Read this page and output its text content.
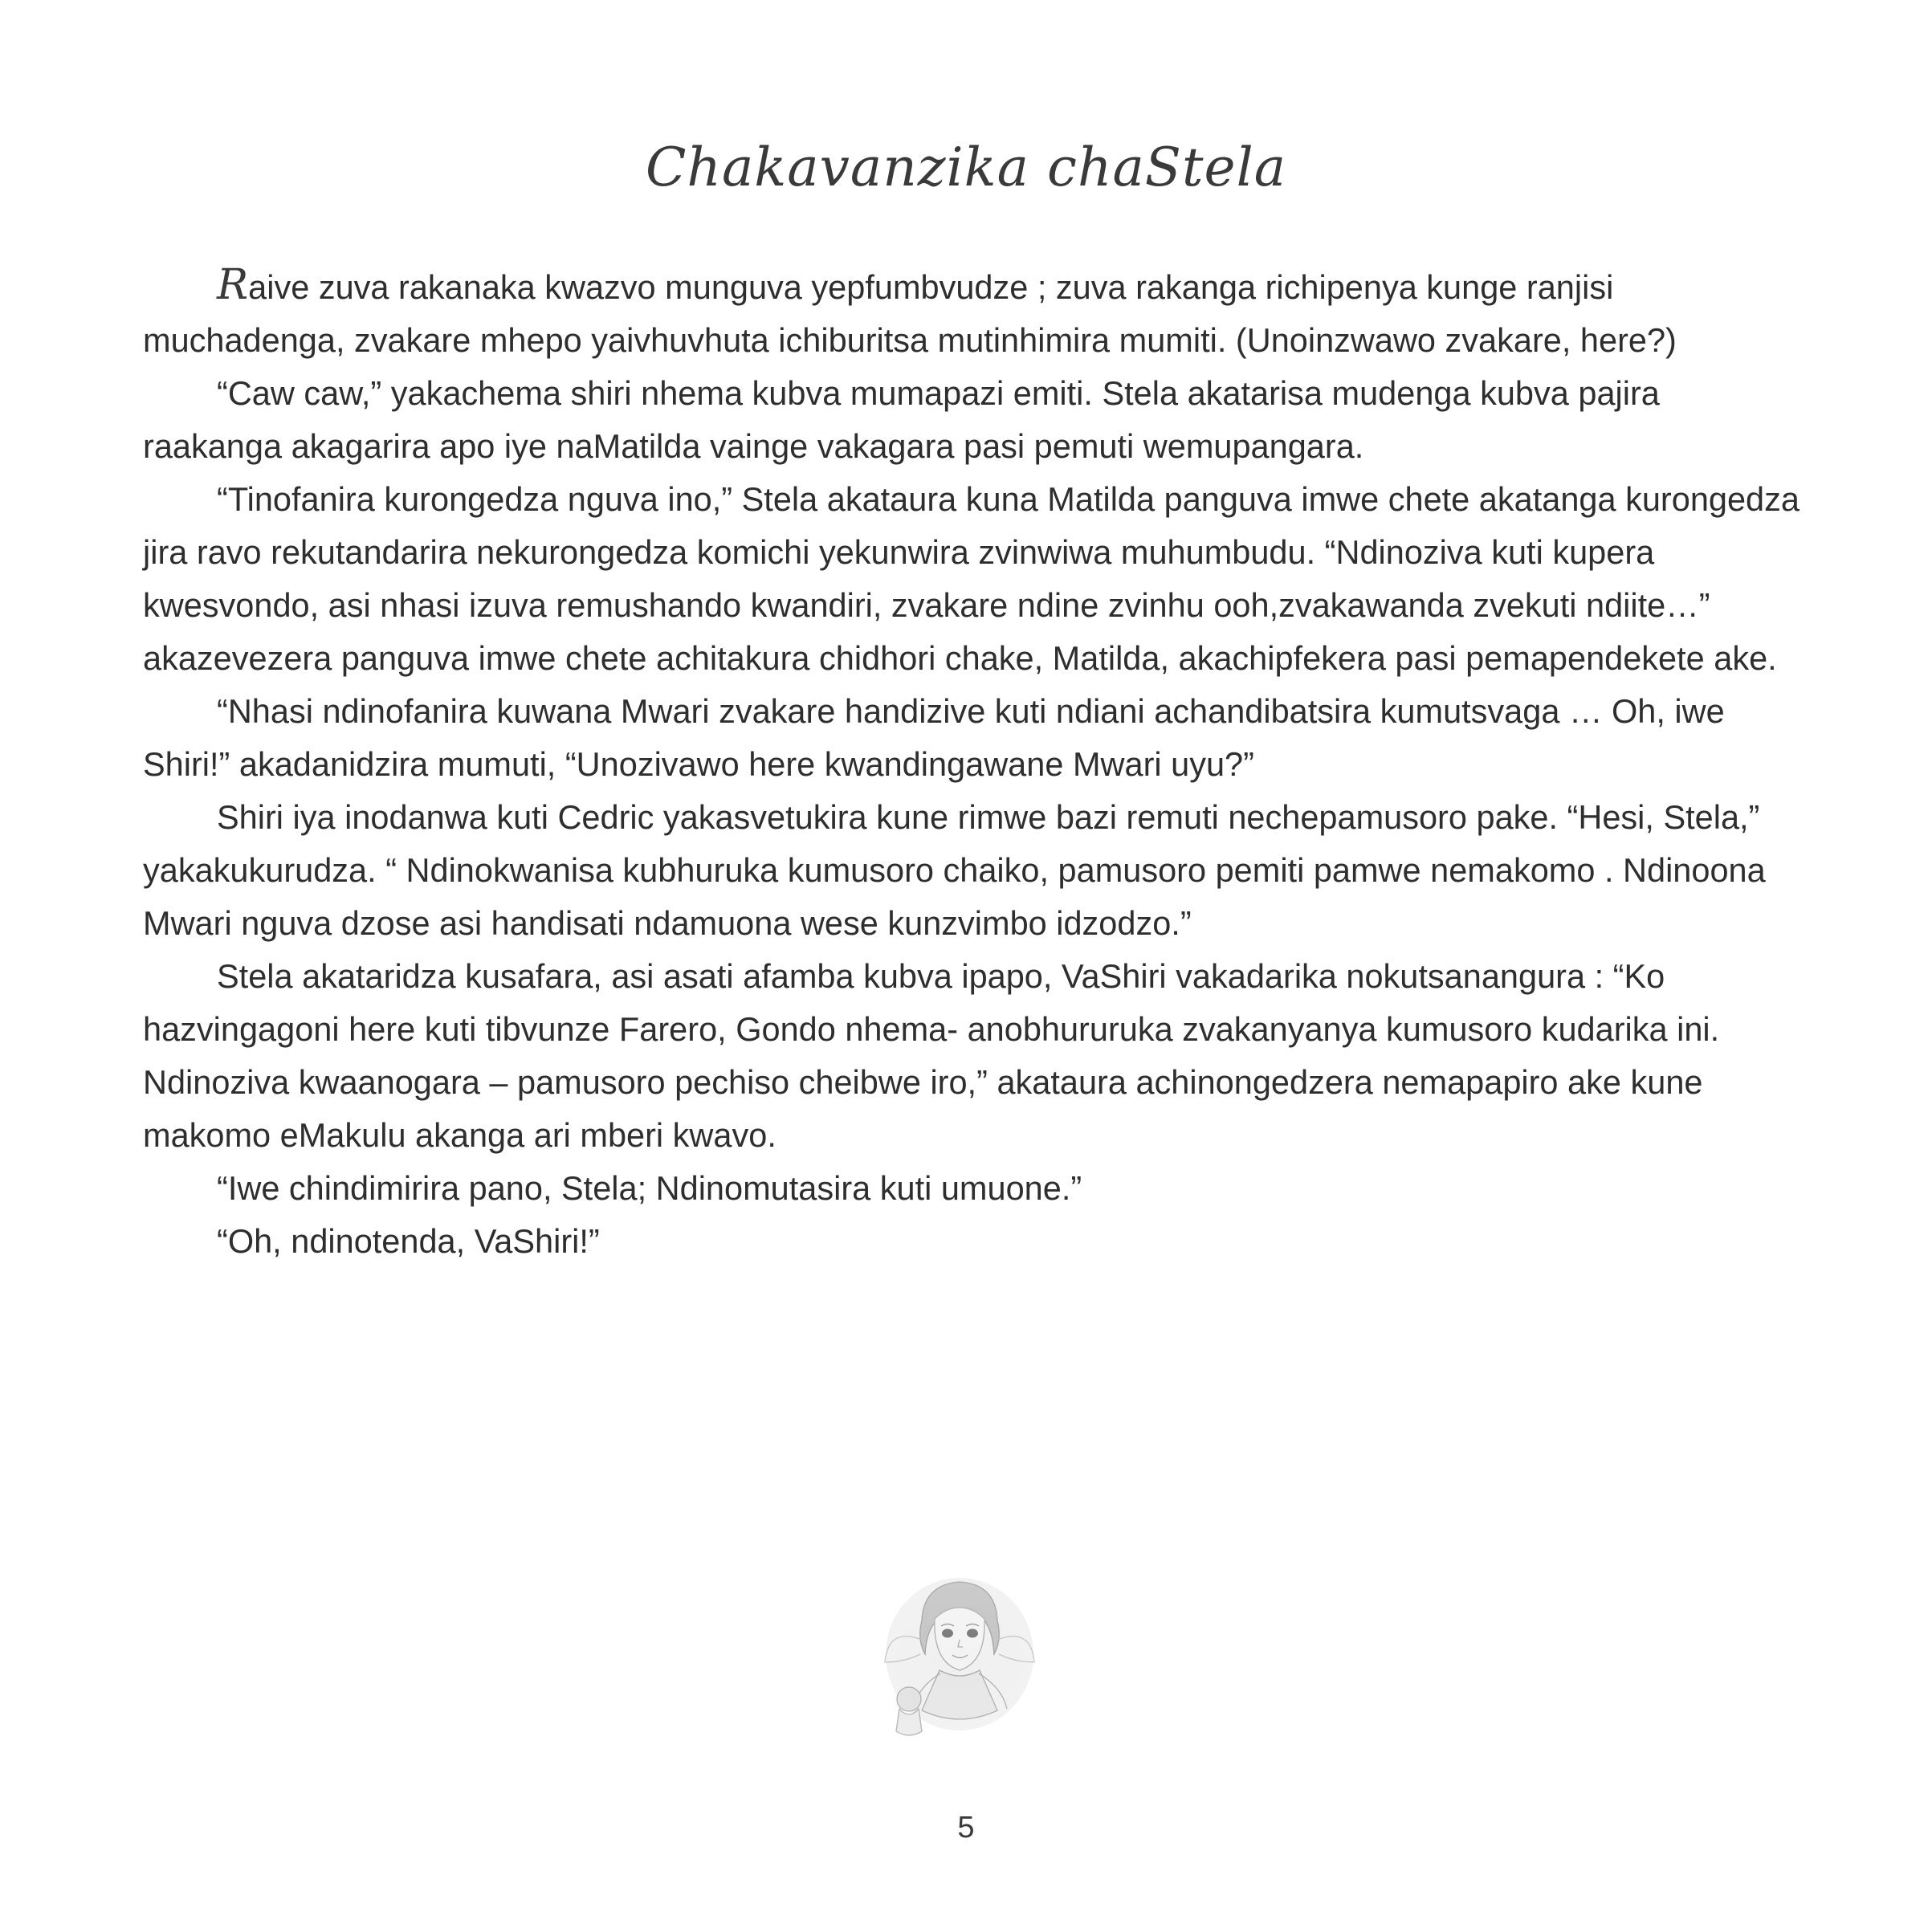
Chakavanzika chaStela

Raive zuva rakanaka kwazvo munguva yepfumbvudze ; zuva rakanga richipenya kunge ranjisi muchadenga, zvakare mhepo yaivhuvhuta ichiburitsa mutinhimira mumiti. (Unoinzwawo zvakare, here?)

“Caw caw,” yakachema shiri nhema kubva mumapazi emiti. Stela akatarisa mudenga kubva pajira raakanga akagarira apo iye naMatilda vainge vakagara pasi pemuti wemupangara.

“Tinofanira kurongedza nguva ino,” Stela akataura kuna Matilda panguva imwe chete akatanga kurongedza jira ravo rekutandarira nekurongedza komichi yekunwira zvinwiwa muhumbudu. “Ndinoziva kuti kupera kwesvondo, asi nhasi izuva remushando kwandiri, zvakare ndine zvinhu ooh,zvakawanda zvekuti ndiite…” akazevezera panguva imwe chete achitakura chidhori chake, Matilda, akachipfekera pasi pemapendekete ake.

“Nhasi ndinofanira kuwana Mwari zvakare handizive kuti ndiani achandibatsira kumutsvaga … Oh, iwe Shiri!” akadanidzira mumuti, “Unozivawo here kwandingawane Mwari uyu?”

Shiri iya inodanwa kuti Cedric yakasvetukira kune rimwe bazi remuti nechepamusoro pake. “Hesi, Stela,” yakakukurudza. “ Ndinokwanisa kubhuruka kumusoro chaiko, pamusoro pemiti pamwe nemakomo . Ndinoona Mwari nguva dzose asi handisati ndamuona wese kunzvimbo idzodzo.”

Stela akataridza kusafara, asi asati afamba kubva ipapo, VaShiri vakadarika nokutsanangura : “Ko hazvingagoni here kuti tibvunze Farero, Gondo nhema- anobhururuka zvakanyanya kumusoro kudarika ini. Ndinoziva kwaanogara – pamusoro pechiso cheibwe iro,” akataura achinongedzera nemapapiro ake kune makomo eMakulu akanga ari mberi kwavo.

“Iwe chindimirira pano, Stela; Ndinomutasira kuti umuone.”

“Oh, ndinotenda, VaShiri!”

5
